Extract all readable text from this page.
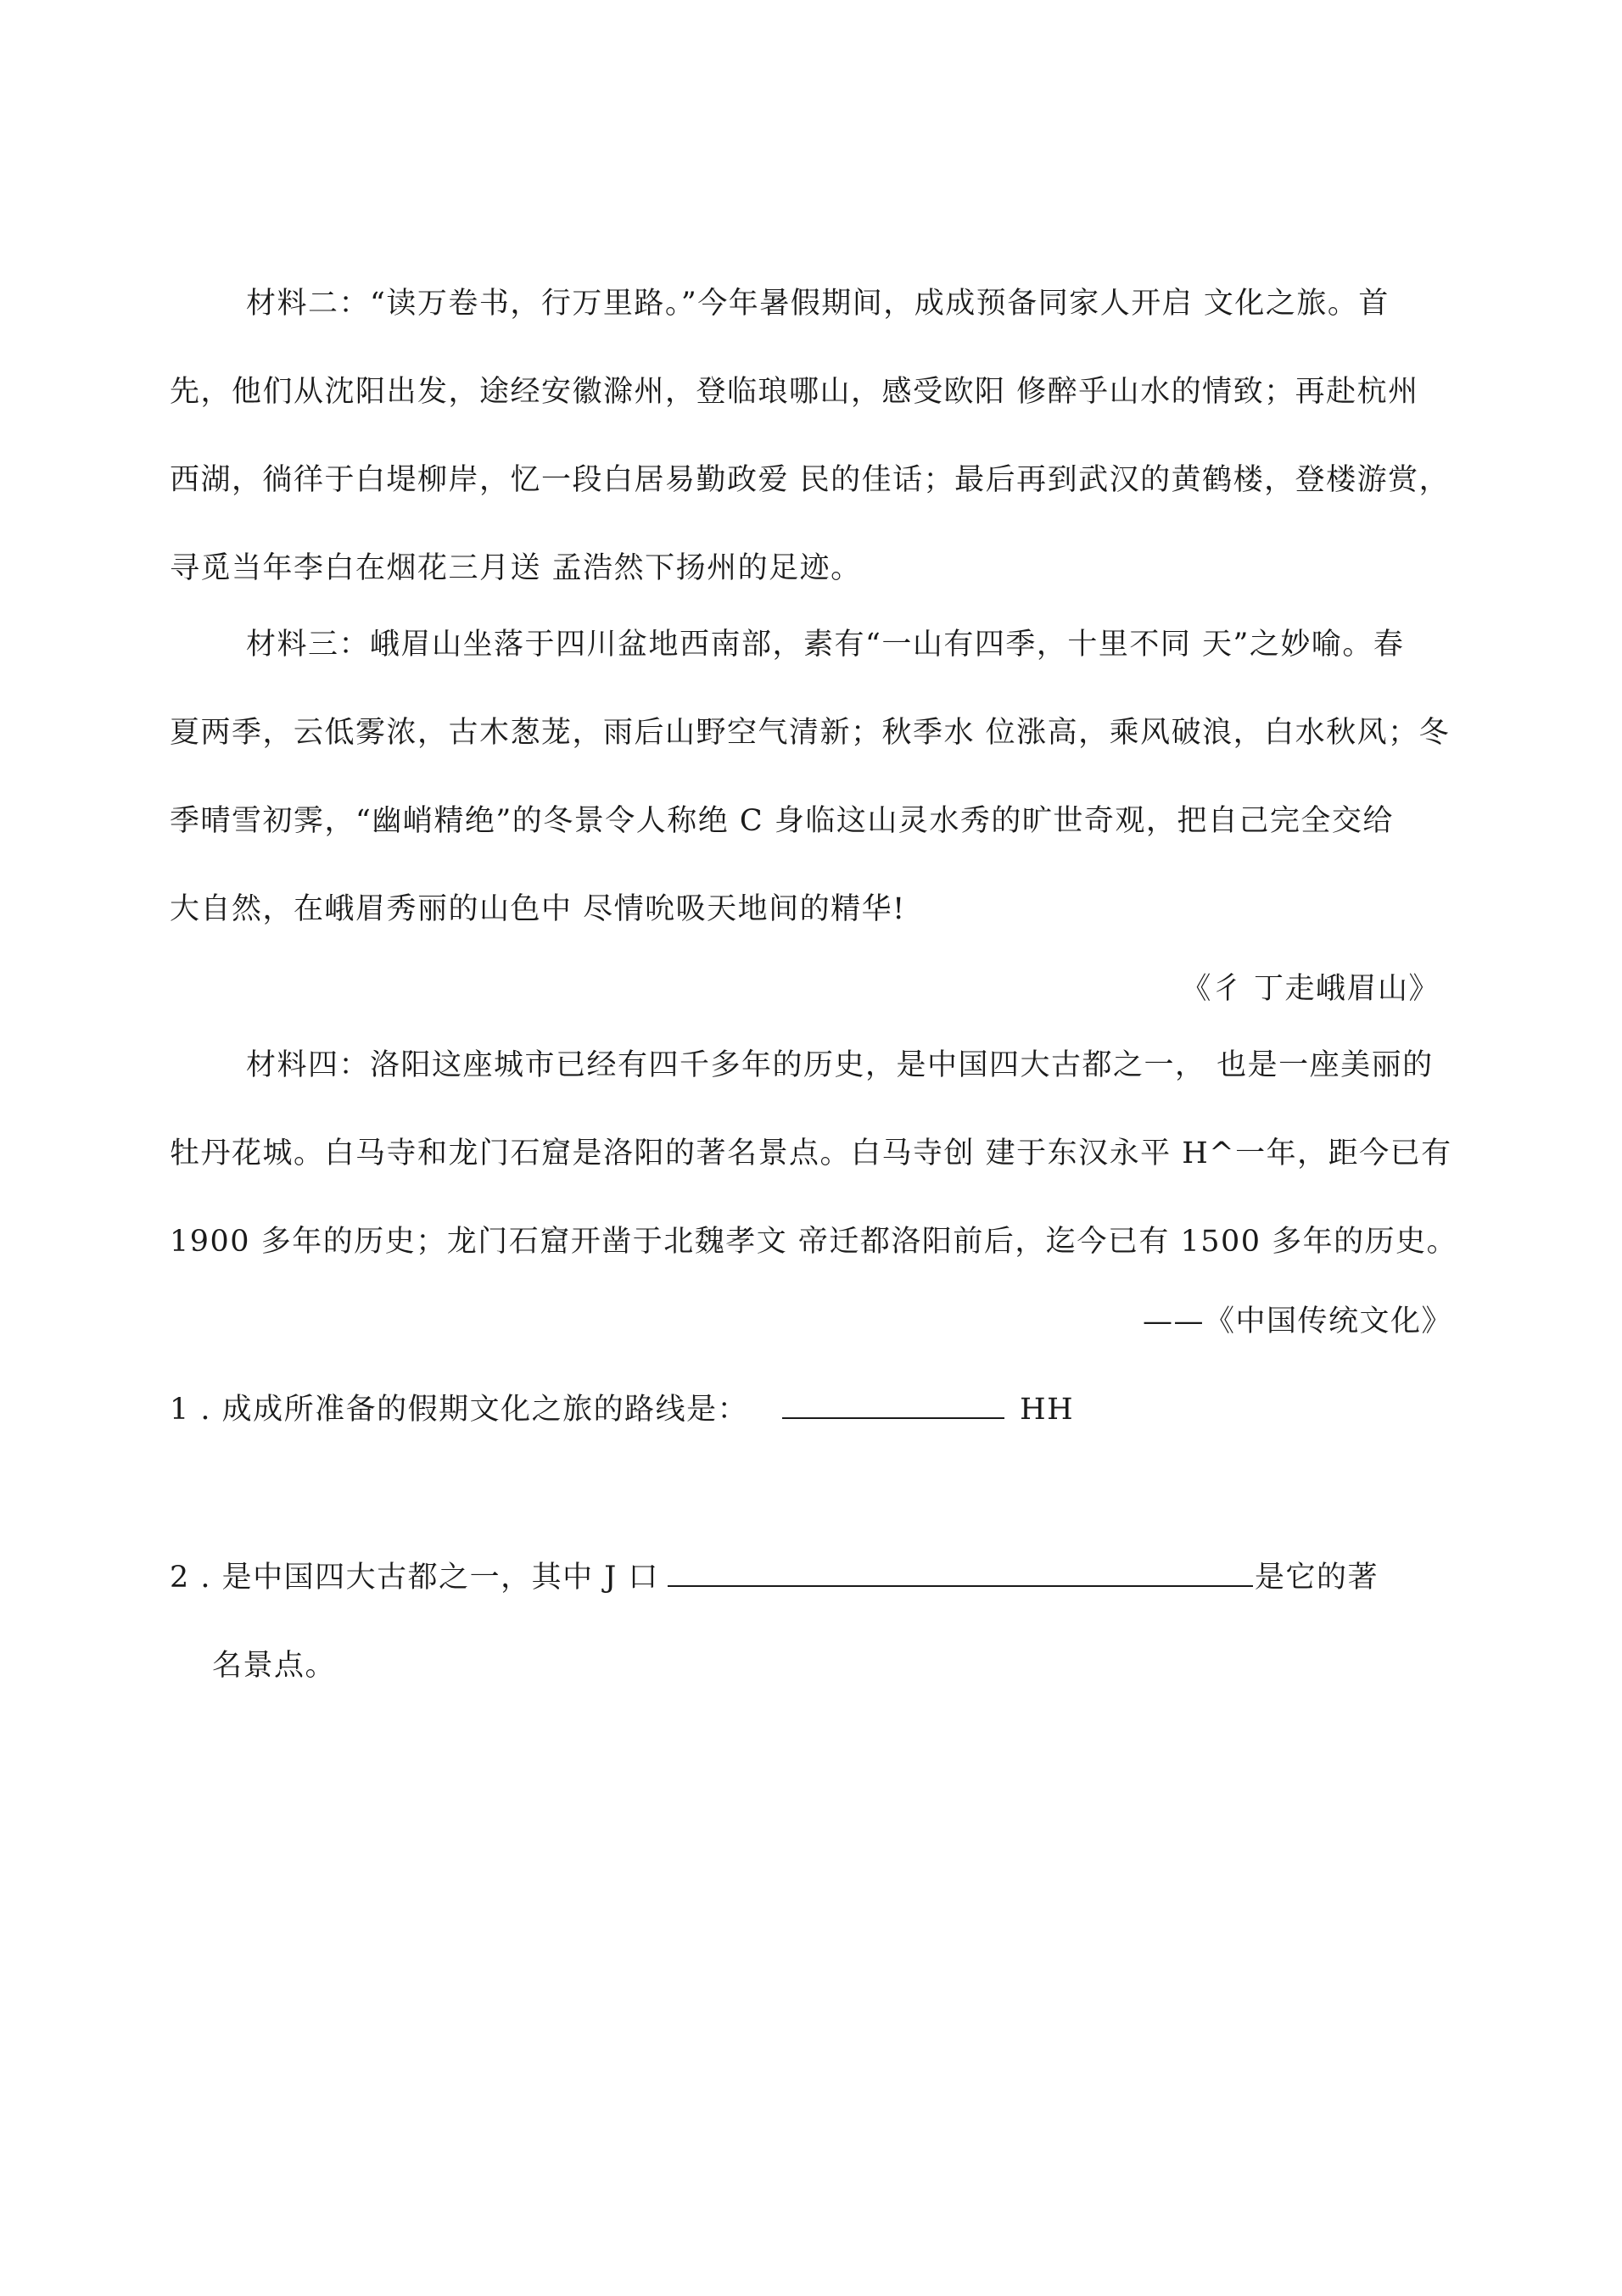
材料二：“读万卷书，行万里路。”今年暑假期间，成成预备同家人开启 文化之旅。首
先，他们从沈阳出发，途经安徽滁州，登临琅哪山，感受欧阳 修醉乎山水的情致；再赴杭州
西湖，徜徉于白堤柳岸，忆一段白居易勤政爱 民的佳话；最后再到武汉的黄鹤楼，登楼游赏，
寻觅当年李白在烟花三月送 孟浩然下扬州的足迹。
材料三：峨眉山坐落于四川盆地西南部，素有“一山有四季，十里不同 天”之妙喻。春
夏两季，云低雾浓，古木葱茏，雨后山野空气清新；秋季水 位涨高，乘风破浪，白水秋风；冬
季晴雪初霁，“幽峭精绝”的冬景令人称绝 C 身临这山灵水秀的旷世奇观，把自己完全交给
大自然，在峨眉秀丽的山色中 尽情吮吸天地间的精华!
《彳 丁走峨眉山》
材料四：洛阳这座城市已经有四千多年的历史，是中国四大古都之一， 也是一座美丽的
牡丹花城。白马寺和龙门石窟是洛阳的著名景点。白马寺创 建于东汉永平 H^一年，距今已有
1900 多年的历史；龙门石窟开凿于北魏孝文 帝迁都洛阳前后，迄今已有 1500 多年的历史。
——《中国传统文化》
1 . 成成所准备的假期文化之旅的路线是：	HH
2 . 是中国四大古都之一，其中 J 口	是它的著
名景点。
